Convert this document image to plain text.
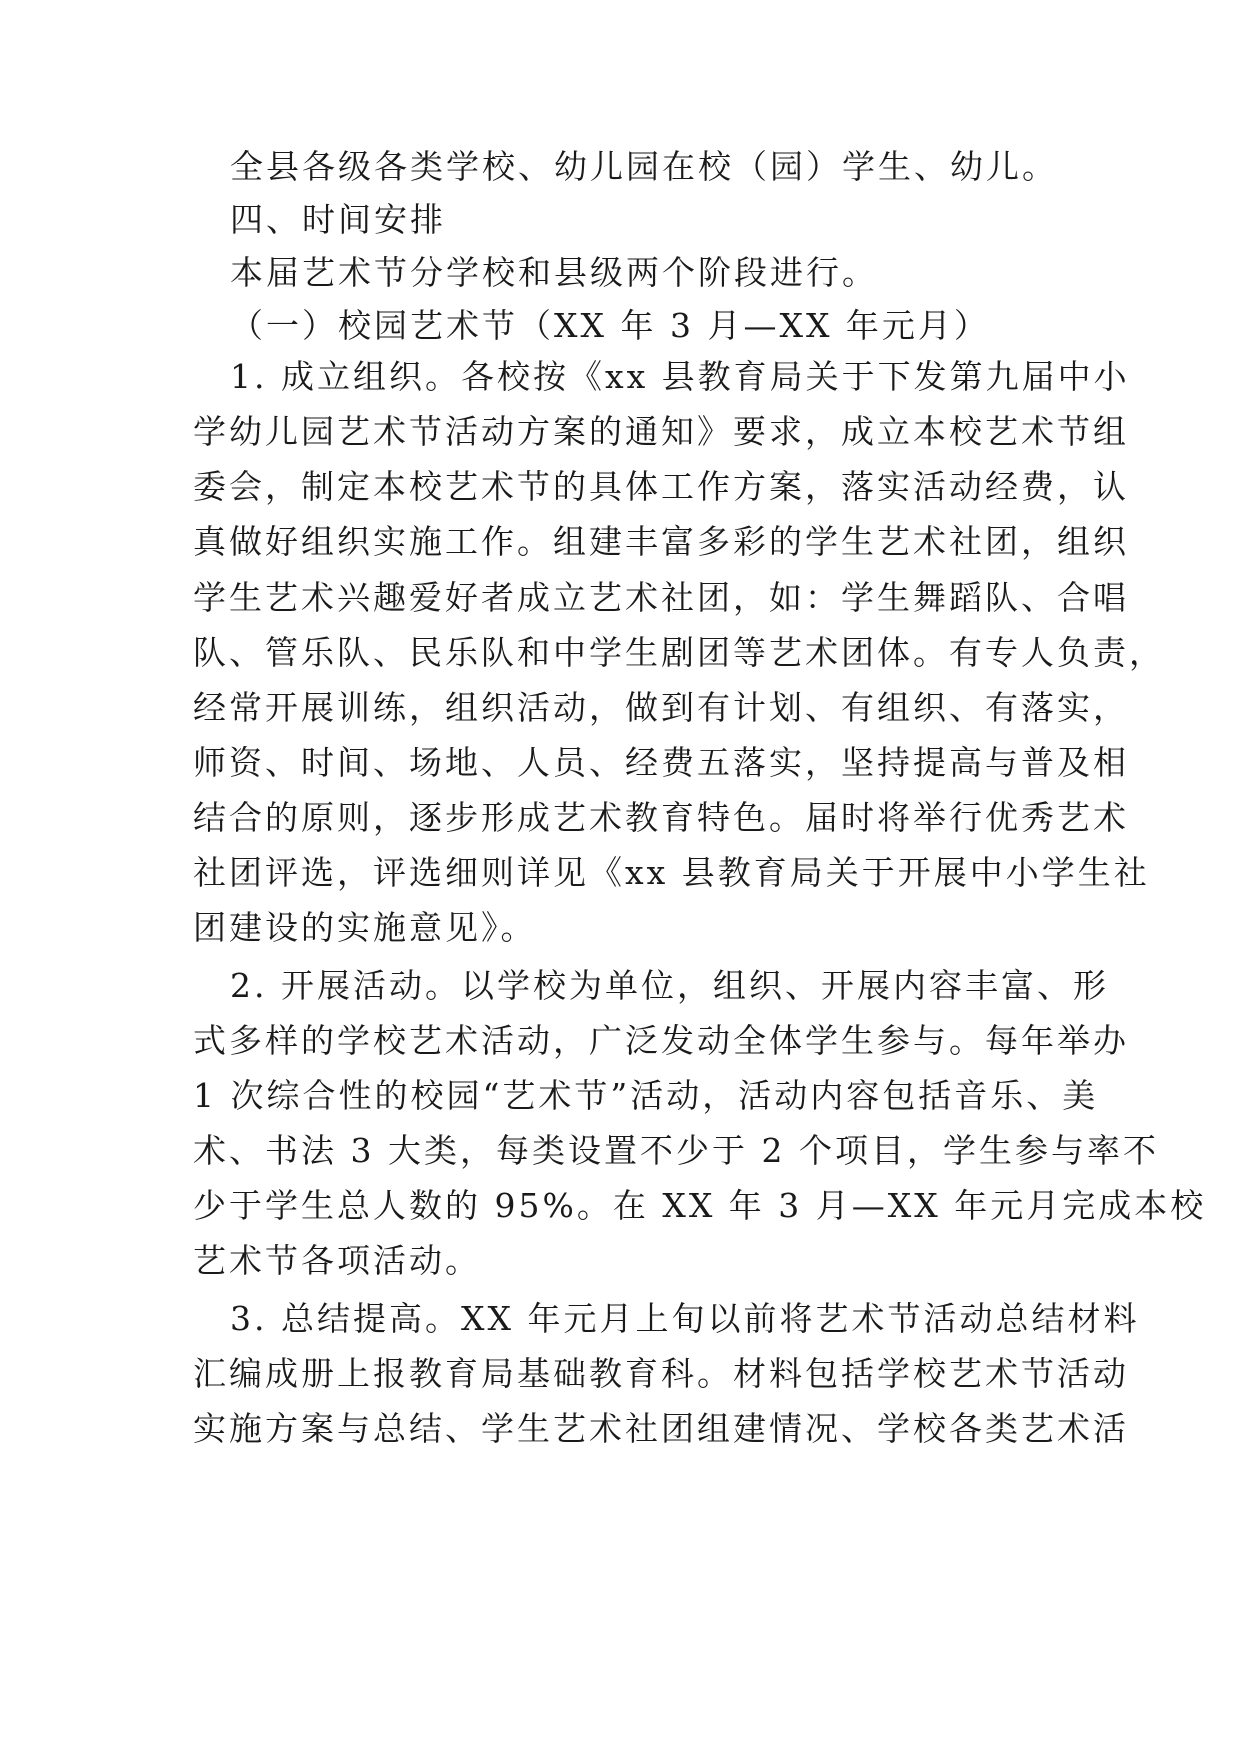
全县各级各类学校、幼儿园在校（园）学生、幼儿。
四、时间安排
本届艺术节分学校和县级两个阶段进行。
（一）校园艺术节（XX 年 3 月—XX 年元月）
1. 成立组织。各校按《xx 县教育局关于下发第九届中小
学幼儿园艺术节活动方案的通知》要求，成立本校艺术节组
委会，制定本校艺术节的具体工作方案，落实活动经费，认
真做好组织实施工作。组建丰富多彩的学生艺术社团，组织
学生艺术兴趣爱好者成立艺术社团，如：学生舞蹈队、合唱
队、管乐队、民乐队和中学生剧团等艺术团体。有专人负责，
经常开展训练，组织活动，做到有计划、有组织、有落实，
师资、时间、场地、人员、经费五落实，坚持提高与普及相
结合的原则，逐步形成艺术教育特色。届时将举行优秀艺术
社团评选，评选细则详见《xx 县教育局关于开展中小学生社
团建设的实施意见》。
2. 开展活动。以学校为单位，组织、开展内容丰富、形
式多样的学校艺术活动，广泛发动全体学生参与。每年举办
1 次综合性的校园“艺术节”活动，活动内容包括音乐、美
术、书法 3 大类，每类设置不少于 2 个项目，学生参与率不
少于学生总人数的 95%。在 XX 年 3 月—XX 年元月完成本校
艺术节各项活动。
3. 总结提高。XX 年元月上旬以前将艺术节活动总结材料
汇编成册上报教育局基础教育科。材料包括学校艺术节活动
实施方案与总结、学生艺术社团组建情况、学校各类艺术活
